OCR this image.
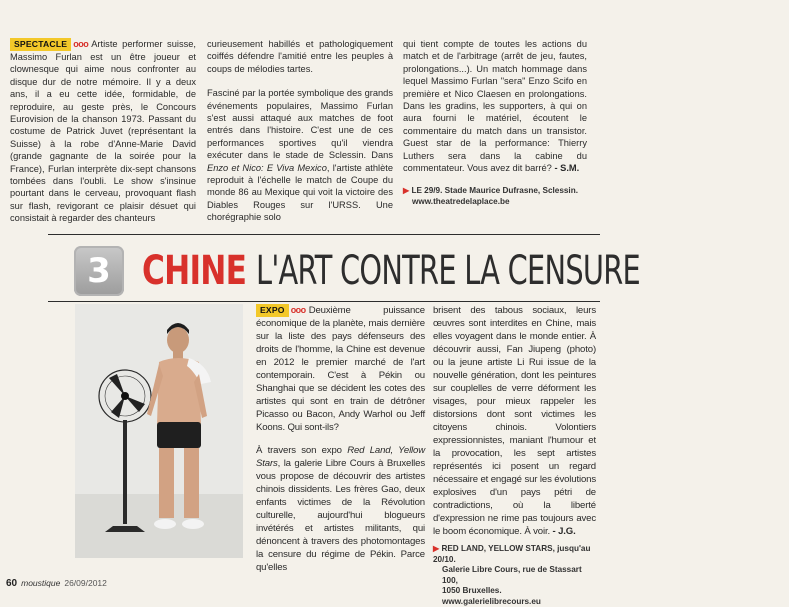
SPECTACLE ooo Artiste performer suisse, Massimo Furlan est un être joueur et clownesque qui aime nous confronter au disque dur de notre mémoire. Il y a deux ans, il a eu cette idée, formidable, de reproduire, au geste près, le Concours Eurovision de la chanson 1973. Passant du costume de Patrick Juvet (représentant la Suisse) à la robe d'Anne-Marie David (grande gagnante de la soirée pour la France), Furlan interprète dix-sept chansons tombées dans l'oubli. Le show s'insinue pourtant dans le cerveau, provoquant flash sur flash, revigorant ce plaisir désuet qui consistait à regarder des chanteurs

curieusement habillés et pathologiquement coiffés défendre l'amitié entre les peuples à coups de mélodies tartes.

Fasciné par la portée symbolique des grands événements populaires, Massimo Furlan s'est aussi attaqué aux matches de foot entrés dans l'histoire. C'est une de ces performances sportives qu'il viendra exécuter dans le stade de Sclessin. Dans Enzo et Nico: E Viva Mexico, l'artiste athlète reproduit à l'échelle le match de Coupe du monde 86 au Mexique qui voit la victoire des Diables Rouges sur l'URSS. Une chorégraphie solo

qui tient compte de toutes les actions du match et de l'arbitrage (arrêt de jeu, fautes, prolongations...). Un match hommage dans lequel Massimo Furlan "sera" Enzo Scifo en première et Nico Claesen en prolongations. Dans les gradins, les supporters, à qui on aura fourni le matériel, écoutent le commentaire du match dans un transistor. Guest star de la performance: Thierry Luthers sera dans la cabine du commentateur. Vous avez dit barré? - S.M.

▶ LE 29/9. Stade Maurice Dufrasne, Sclessin.
www.theatredelaplace.be
3 CHINE L'ART CONTRE LA CENSURE

EXPO ooo Deuxième puissance économique de la planète, mais dernière sur la liste des pays défenseurs des droits de l'homme, la Chine est devenue en 2012 le premier marché de l'art contemporain. C'est à Pékin ou Shanghai que se décident les cotes des artistes qui sont en train de détrôner Picasso ou Bacon, Andy Warhol ou Jeff Koons. Qui sont-ils?

À travers son expo Red Land, Yellow Stars, la galerie Libre Cours à Bruxelles vous propose de découvrir des artistes chinois dissidents. Les frères Gao, deux enfants victimes de la Révolution culturelle, aujourd'hui blogueurs invétérés et artistes militants, qui dénoncent à travers des photomontages la censure du régime de Pékin. Parce qu'elles

brisent des tabous sociaux, leurs œuvres sont interdites en Chine, mais elles voyagent dans le monde entier. À découvrir aussi, Fan Jiupeng (photo) ou la jeune artiste Li Rui issue de la nouvelle génération, dont les peintures sur couplelles de verre déforment les visages, pour mieux rappeler les distorsions dont sont victimes les citoyens chinois. Volontiers expressionnistes, maniant l'humour et la provocation, les sept artistes représentés ici posent un regard nécessaire et engagé sur les évolutions explosives d'un pays pétri de contradictions, où la liberté d'expression ne rime pas toujours avec le boom économique. À voir. - J.G.

▶ RED LAND, YELLOW STARS, jusqu'au 20/10.
Galerie Libre Cours, rue de Stassart 100,
1050 Bruxelles. www.galerielibrecours.eu
60 moustique 26/09/2012
